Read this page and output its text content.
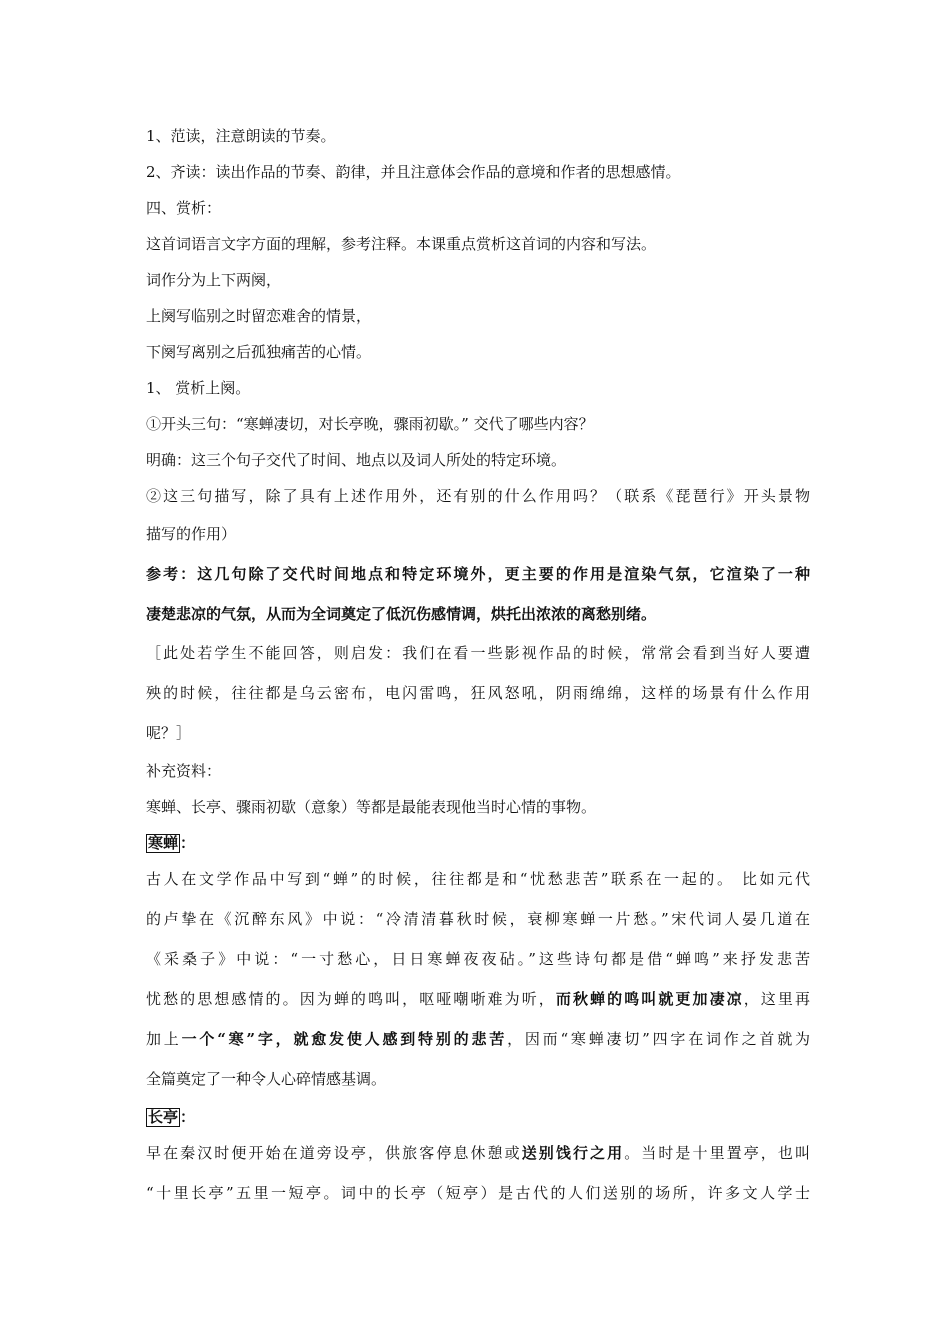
1、范读，注意朗读的节奏。
2、齐读：读出作品的节奏、韵律，并且注意体会作品的意境和作者的思想感情。
四、赏析：
这首词语言文字方面的理解，参考注释。本课重点赏析这首词的内容和写法。
词作分为上下两阕，
上阕写临别之时留恋难舍的情景，
下阕写离别之后孤独痛苦的心情。
1、 赏析上阕。
①开头三句：“寒蝉凄切，对长亭晚，骤雨初歇。” 交代了哪些内容？
明确：这三个句子交代了时间、地点以及词人所处的特定环境。
②这三句描写，除了具有上述作用外，还有别的什么作用吗？（联系《琵琶行》开头景物
描写的作用）
参考：这几句除了交代时间地点和特定环境外，更主要的作用是渲染气氛，它渲染了一种
凄楚悲凉的气氛，从而为全词奠定了低沉伤感情调，烘托出浓浓的离愁别绪。
［此处若学生不能回答，则启发：我们在看一些影视作品的时候，常常会看到当好人要遭
殃的时候，往往都是乌云密布，电闪雷鸣，狂风怒吼，阴雨绵绵，这样的场景有什么作用
呢？］
补充资料：
寒蝉、长亭、骤雨初歇（意象）等都是最能表现他当时心情的事物。
寒蝉 ：
古人在文学作品中写到“蝉”的时候，往往都是和“忧愁悲苦”联系在一起的。 比如元代
的卢挚在《沉醉东风》中说：“冷清清暮秋时候，衰柳寒蝉一片愁。”宋代词人晏几道在
《采桑子》中说：“一寸愁心，日日寒蝉夜夜砧。”这些诗句都是借“蝉鸣”来抒发悲苦
忧愁的思想感情的。因为蝉的鸣叫，呕哑嘲哳难为听，而秋蝉的鸣叫就更加凄凉，这里再
加上一个“寒”字，就愈发使人感到特别的悲苦，因而“寒蝉凄切”四字在词作之首就为
全篇奠定了一种令人心碎情感基调。
长亭 ：
早在秦汉时便开始在道旁设亭，供旅客停息休憩或送别饯行之用。当时是十里置亭，也叫
“十里长亭”五里一短亭。词中的长亭（短亭）是古代的人们送别的场所，许多文人学士
